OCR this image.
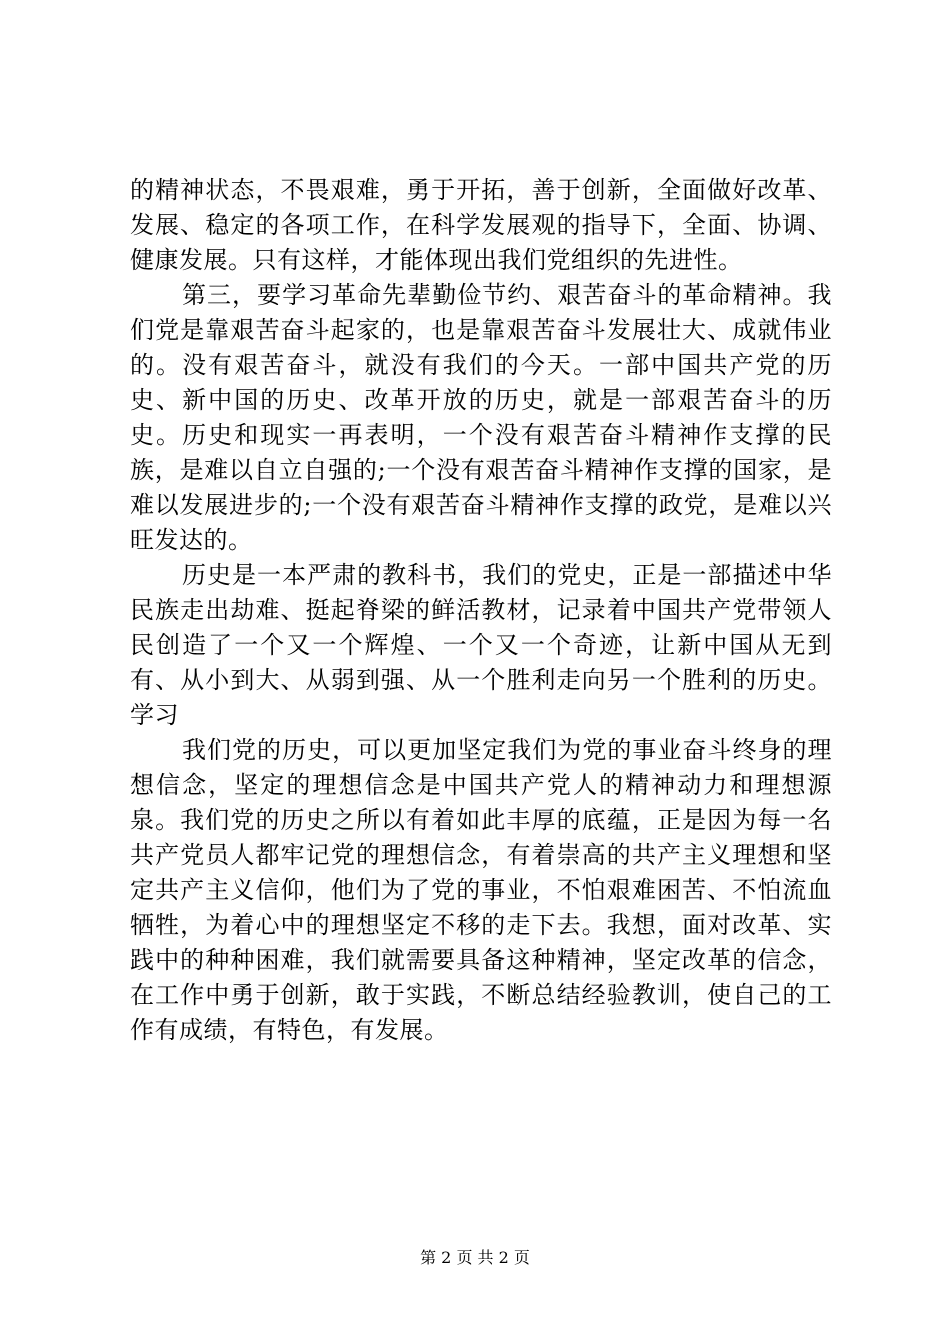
的精神状态，不畏艰难，勇于开拓，善于创新，全面做好改革、发展、稳定的各项工作，在科学发展观的指导下，全面、协调、健康发展。只有这样，才能体现出我们党组织的先进性。

第三，要学习革命先辈勤俭节约、艰苦奋斗的革命精神。我们党是靠艰苦奋斗起家的，也是靠艰苦奋斗发展壮大、成就伟业的。没有艰苦奋斗，就没有我们的今天。一部中国共产党的历史、新中国的历史、改革开放的历史，就是一部艰苦奋斗的历史。历史和现实一再表明，一个没有艰苦奋斗精神作支撑的民族，是难以自立自强的;一个没有艰苦奋斗精神作支撑的国家，是难以发展进步的;一个没有艰苦奋斗精神作支撑的政党，是难以兴旺发达的。

历史是一本严肃的教科书，我们的党史，正是一部描述中华民族走出劫难、挺起脊梁的鲜活教材，记录着中国共产党带领人民创造了一个又一个辉煌、一个又一个奇迹，让新中国从无到有、从小到大、从弱到强、从一个胜利走向另一个胜利的历史。学习

我们党的历史，可以更加坚定我们为党的事业奋斗终身的理想信念，坚定的理想信念是中国共产党人的精神动力和理想源泉。我们党的历史之所以有着如此丰厚的底蕴，正是因为每一名共产党员人都牢记党的理想信念，有着崇高的共产主义理想和坚定共产主义信仰，他们为了党的事业，不怕艰难困苦、不怕流血牺牲，为着心中的理想坚定不移的走下去。我想，面对改革、实践中的种种困难，我们就需要具备这种精神，坚定改革的信念，在工作中勇于创新，敢于实践，不断总结经验教训，使自己的工作有成绩，有特色，有发展。

第 2 页 共 2 页
